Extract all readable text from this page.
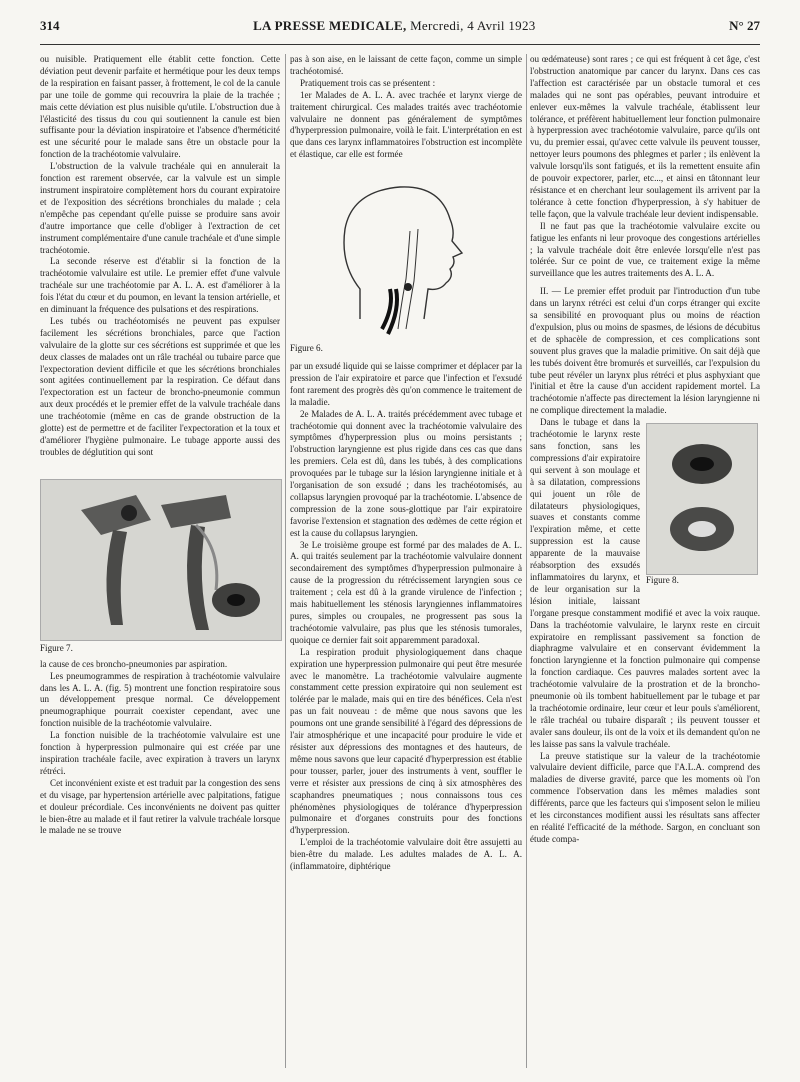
314	LA PRESSE MEDICALE, Mercredi, 4 Avril 1923	N° 27

ou nuisible. Pratiquement elle établit cette fonction. Cette déviation peut devenir parfaite et hermétique pour les deux temps de la respiration en faisant passer, à frottement, le col de la canule par une toile de gomme qui recouvrira la plaie de la trachée ; mais cette déviation est plus nuisible qu'utile. L'obstruction due à l'élasticité des tissus du cou qui soutiennent la canule est bien suffisante pour la déviation inspiratoire et l'absence d'herméticité est une sécurité pour le malade sans être un obstacle pour la fonction de la trachéotomie valvulaire.

L'obstruction de la valvule trachéale qui en annulerait la fonction est rarement observée, car la valvule est un simple instrument inspiratoire complètement hors du courant expiratoire et de l'exposition des sécrétions bronchiales du malade ; cela n'empêche pas cependant qu'elle puisse se produire sans avoir d'autre importance que celle d'obliger à l'extraction de cet instrument complémentaire d'une canule trachéale et d'une simple trachéotomie.

La seconde réserve est d'établir si la fonction de la trachéotomie valvulaire est utile. Le premier effet d'une valvule trachéale sur une trachéotomie par A. L. A. est d'améliorer à la fois l'état du cœur et du poumon, en levant la tension artérielle, et en diminuant la fréquence des pulsations et des respirations.

Les tubés ou trachéotomisés ne peuvent pas expulser facilement les sécrétions bronchiales, parce que l'action valvulaire de la glotte sur ces sécrétions est supprimée et que les deux classes de malades ont un râle trachéal ou tubaire parce que l'expectoration devient difficile et que les sécrétions bronchiales sont agitées continuellement par la respiration. Ce défaut dans l'expectoration est un facteur de broncho-pneumonie commun aux deux procédés et le premier effet de la valvule trachéale dans une trachéotomie (même en cas de grande obstruction de la glotte) est de permettre et de faciliter l'expectoration et la toux et d'améliorer l'hygiène pulmonaire. Le tubage apporte aussi des troubles de déglutition qui sont

Figure 7.

la cause de ces broncho-pneumonies par aspiration.

Les pneumogrammes de respiration à trachéotomie valvulaire dans les A. L. A. (fig. 5) montrent une fonction respiratoire sous un développement presque normal. Ce développement pneumographique pourrait coexister cependant, avec une fonction nuisible de la trachéotomie valvulaire.

La fonction nuisible de la trachéotomie valvulaire est une fonction à hyperpression pulmonaire qui est créée par une inspiration trachéale facile, avec expiration à travers un larynx rétréci.

Cet inconvénient existe et est traduit par la congestion des sens et du visage, par hypertension artérielle avec palpitations, fatigue et douleur précordiale. Ces inconvénients ne doivent pas quitter le bien-être au malade et il faut retirer la valvule trachéale lorsque le malade ne se trouve

pas à son aise, en le laissant de cette façon, comme un simple trachéotomisé.

Pratiquement trois cas se présentent :

1er Malades de A. L. A. avec trachée et larynx vierge de traitement chirurgical. Ces malades traités avec trachéotomie valvulaire ne donnent pas généralement de symptômes d'hyperpression pulmonaire, voilà le fait. L'interprétation en est que dans ces larynx inflammatoires l'obstruction est incomplète et élastique, car elle est formée

Figure 6.

par un exsudé liquide qui se laisse comprimer et déplacer par la pression de l'air expiratoire et parce que l'infection et l'exsudé font rarement des progrès dès qu'on commence le traitement de la maladie.

2e Malades de A. L. A. traités précédemment avec tubage et trachéotomie qui donnent avec la trachéotomie valvulaire des symptômes d'hyperpression plus ou moins persistants ; l'obstruction laryngienne est plus rigide dans ces cas que dans les premiers. Cela est dû, dans les tubés, à des complications provoquées par le tubage sur la lésion laryngienne initiale et à l'organisation de son exsudé ; dans les trachéotomisés, au collapsus laryngien provoqué par la trachéotomie. L'absence de compression de la zone sous-glottique par l'air expiratoire favorise l'extension et stagnation des œdèmes de cette région et est la cause du collapsus laryngien.

3e Le troisième groupe est formé par des malades de A. L. A. qui traités seulement par la trachéotomie valvulaire donnent secondairement des symptômes d'hyperpression pulmonaire à cause de la progression du rétrécissement laryngien sous ce traitement ; cela est dû à la grande virulence de l'infection ; mais habituellement les sténosis laryngiennes inflammatoires pures, simples ou croupales, ne progressent pas sous la trachéotomie valvulaire, pas plus que les sténosis tumorales, quoique ce dernier fait soit apparemment paradoxal.

La respiration produit physiologiquement dans chaque expiration une hyperpression pulmonaire qui peut être mesurée avec le manomètre. La trachéotomie valvulaire augmente constamment cette pression expiratoire qui non seulement est tolérée par le malade, mais qui en tire des bénéfices. Cela n'est pas un fait nouveau : de même que nous savons que les poumons ont une grande sensibilité à l'égard des dépressions de l'air atmosphérique et une incapacité pour produire le vide et résister aux dépressions des montagnes et des hauteurs, de même nous savons que leur capacité d'hyperpression est établie pour tousser, parler, jouer des instruments à vent, souffler le verre et résister aux pressions de cinq à six atmosphères des scaphandres pneumatiques ; nous connaissons tous ces phénomènes physiologiques de tolérance d'hyperpression pulmonaire et d'organes construits pour des fonctions d'hyperpression.

L'emploi de la trachéotomie valvulaire doit être assujetti au bien-être du malade. Les adultes malades de A. L. A. (inflammatoire, diphtérique

ou œdémateuse) sont rares ; ce qui est fréquent à cet âge, c'est l'obstruction anatomique par cancer du larynx. Dans ces cas l'affection est caractérisée par un obstacle tumoral et ces malades qui ne sont pas opérables, peuvant introduire et enlever eux-mêmes la valvule trachéale, établissent leur tolérance, et préfèrent habituellement leur fonction pulmonaire à hyperpression avec trachéotomie valvulaire, parce qu'ils ont vu, du premier essai, qu'avec cette valvule ils peuvent tousser, nettoyer leurs poumons des phlegmes et parler ; ils enlèvent la valvule lorsqu'ils sont fatigués, et ils la remettent ensuite afin de pouvoir expectorer, parler, etc..., et ainsi en tâtonnant leur résistance et en cherchant leur soulagement ils arrivent par la tolérance à cette fonction d'hyperpression, à s'y habituer de telle façon, que la valvule trachéale leur devient indispensable.

Il ne faut pas que la trachéotomie valvulaire excite ou fatigue les enfants ni leur provoque des congestions artérielles ; la valvule trachéale doit être enlevée lorsqu'elle n'est pas tolérée. Sur ce point de vue, ce traitement exige la même surveillance que les autres traitements des A. L. A.

II. — Le premier effet produit par l'introduction d'un tube dans un larynx rétréci est celui d'un corps étranger qui excite sa sensibilité en provoquant plus ou moins de réaction d'expulsion, plus ou moins de spasmes, de lésions de décubitus et de sphacèle de compression, et ces complications sont souvent plus graves que la maladie primitive. On sait déjà que les tubés doivent être bromurés et surveillés, car l'expulsion du tube peut révéler un larynx plus rétréci et plus asphyxiant que l'initial et être la cause d'un accident rapidement mortel. La trachéotomie n'affecte pas directement la lésion laryngienne ni ne complique directement la maladie.

Figure 8.

Dans le tubage et dans la trachéotomie le larynx reste sans fonction, sans les compressions d'air expiratoire qui servent à son moulage et à sa dilatation, compressions qui jouent un rôle de dilatateurs physiologiques, suaves et constants comme l'expiration même, et cette suppression est la cause apparente de la mauvaise réabsorption des exsudés inflammatoires du larynx, et de leur organisation sur la lésion initiale, laissant l'organe presque constamment modifié et avec la voix rauque. Dans la trachéotomie valvulaire, le larynx reste en circuit expiratoire en remplissant passivement sa fonction de diaphragme valvulaire et en conservant évidemment la fonction laryngienne et la fonction pulmonaire qui compense la fonction cardiaque. Ces pauvres malades sortent avec la trachéotomie valvulaire de la prostration et de la broncho-pneumonie où ils tombent habituellement par le tubage et par la trachéotomie ordinaire, leur cœur et leur pouls s'améliorent, le râle trachéal ou tubaire disparaît ; ils peuvent tousser et avaler sans douleur, ils ont de la voix et ils demandent qu'on ne les laisse pas sans la valvule trachéale.

La preuve statistique sur la valeur de la trachéotomie valvulaire devient difficile, parce que l'A.L.A. comprend des maladies de diverse gravité, parce que les moments où l'on commence l'observation dans les mêmes maladies sont différents, parce que les facteurs qui s'imposent selon le milieu et les circonstances modifient aussi les résultats sans affecter en réalité l'efficacité de la méthode. Sargon, en concluant son étude compa-
